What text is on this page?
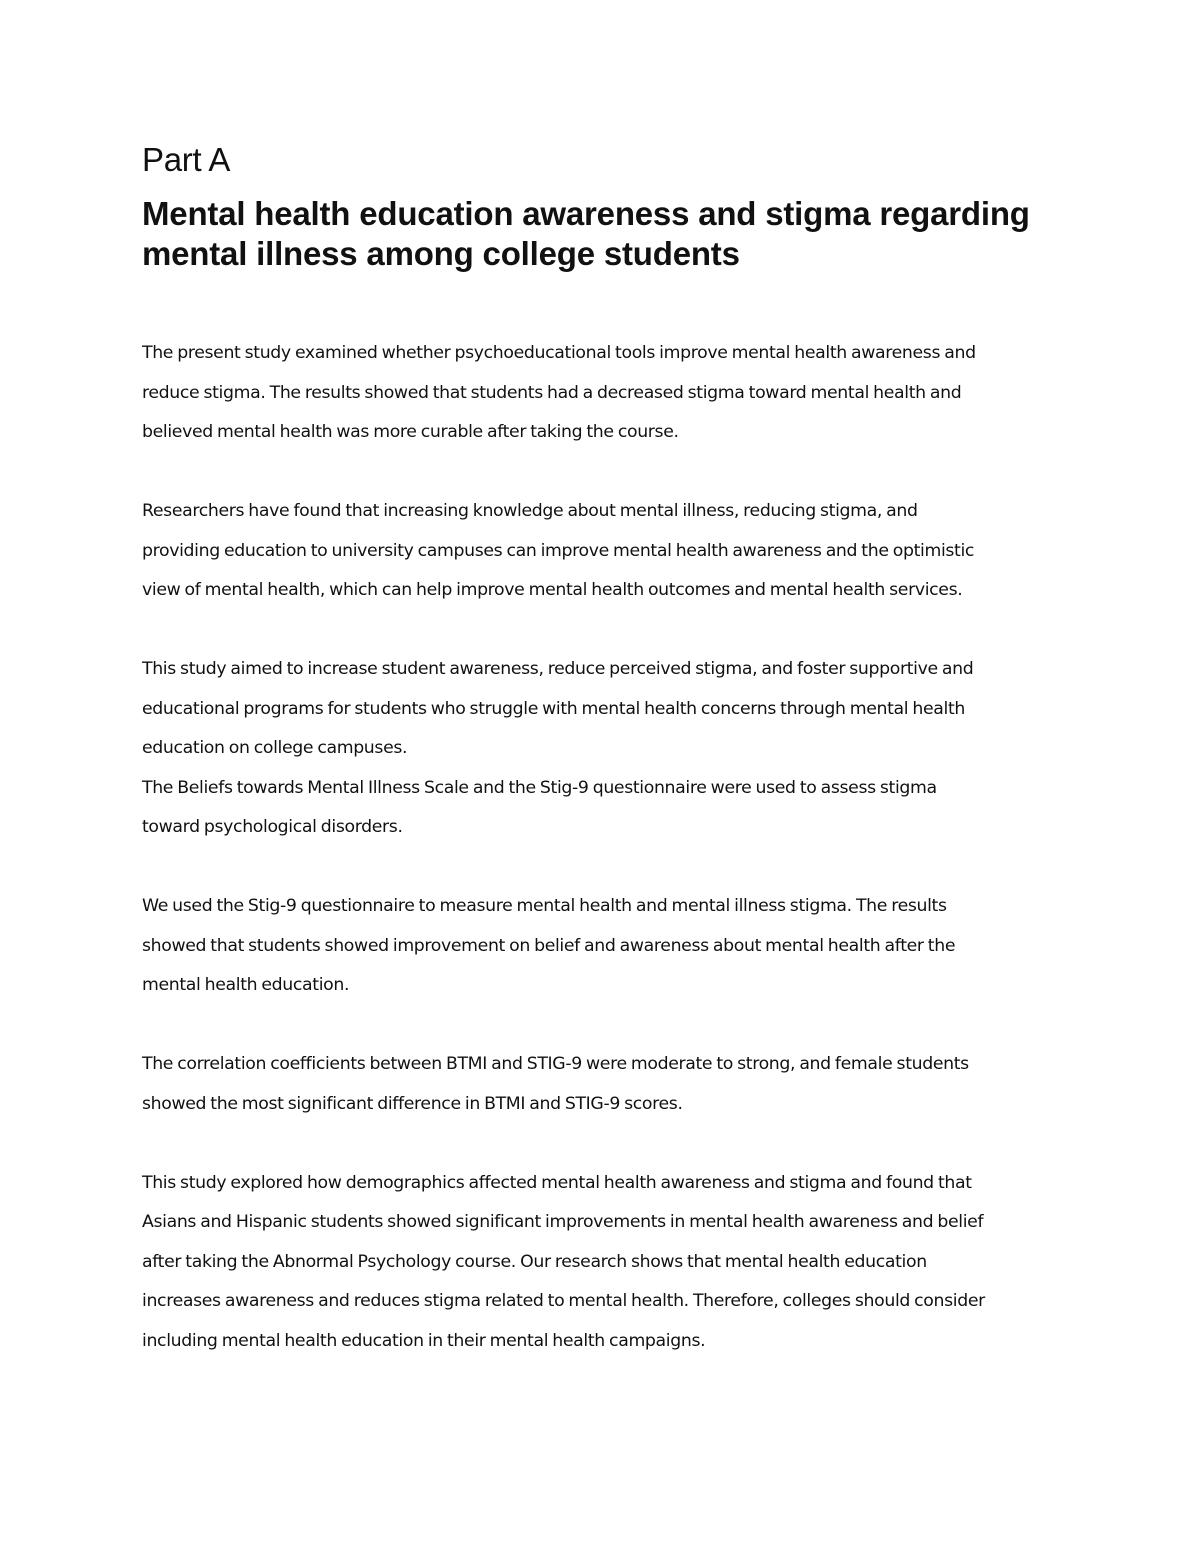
Part A
Mental health education awareness and stigma regarding mental illness among college students

The present study examined whether psychoeducational tools improve mental health awareness and
reduce stigma. The results showed that students had a decreased stigma toward mental health and
believed mental health was more curable after taking the course.

Researchers have found that increasing knowledge about mental illness, reducing stigma, and
providing education to university campuses can improve mental health awareness and the optimistic
view of mental health, which can help improve mental health outcomes and mental health services.

This study aimed to increase student awareness, reduce perceived stigma, and foster supportive and
educational programs for students who struggle with mental health concerns through mental health
education on college campuses.

The Beliefs towards Mental Illness Scale and the Stig-9 questionnaire were used to assess stigma
toward psychological disorders.

We used the Stig-9 questionnaire to measure mental health and mental illness stigma. The results
showed that students showed improvement on belief and awareness about mental health after the
mental health education.

The correlation coefficients between BTMI and STIG-9 were moderate to strong, and female students
showed the most significant difference in BTMI and STIG-9 scores.

This study explored how demographics affected mental health awareness and stigma and found that
Asians and Hispanic students showed significant improvements in mental health awareness and belief
after taking the Abnormal Psychology course. Our research shows that mental health education
increases awareness and reduces stigma related to mental health. Therefore, colleges should consider
including mental health education in their mental health campaigns.
